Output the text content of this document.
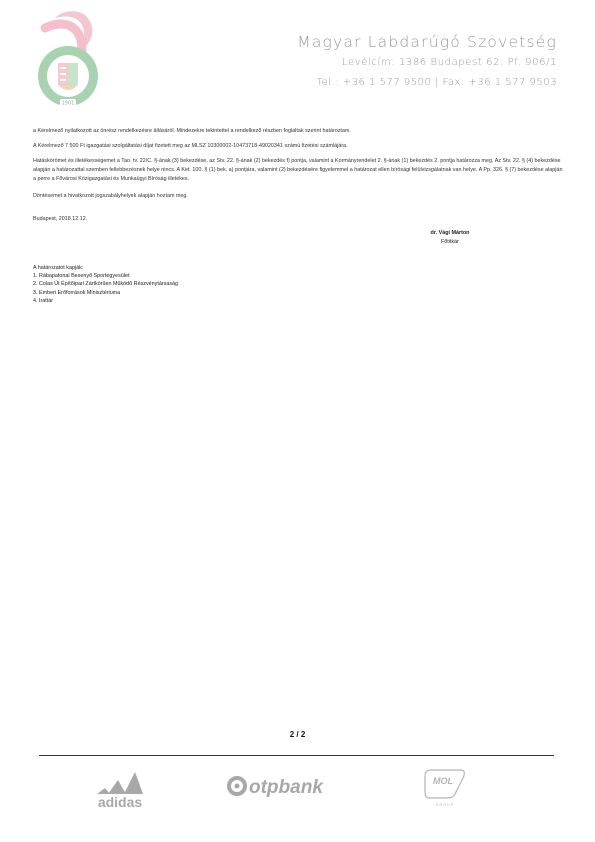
1901
Magyar Labdarúgó Szövetség
Levélcím: 1386 Budapest 62. Pf. 906/1
Tel.: +36 1 577 9500 | Fax: +36 1 577 9503

a Kérelmező nyilatkozott az önrész rendelkezésre állásáról. Mindezekre tekintettel a rendelkező részben foglaltak szerint határoztam.

A Kérelmező 7 500 Ft igazgatási szolgáltatási díjat fizetett meg az MLSZ 10300002-10473718-49020341 számú fizetési számlájára.

Hatáskörömet és illetékességemet a Tao. tv. 22/C. §-ának (3) bekezdése, az Stv. 22. §-ának (2) bekezdés f) pontja, valamint a Kormányrendelet 2. §-ának (1) bekezdés 2. pontja határozza meg. Az Stv. 22. § (4) bekezdése alapján a határozattal szemben fellebbezésnek helye nincs. A Ket. 100. § (1) bek. a) pontjára, valamint (2) bekezdésére figyelemmel a határozat ellen bírósági felülvizsgálatnak van helye. A Pp. 326. § (7) bekezdése alapján a perre a Fővárosi Közigazgatási és Munkaügyi Bíróság illetékes.

Döntésemet a hivatkozott jogszabályhelyek alapján hoztam meg.

Budapest, 2018.12.12.

dr. Vági Márton
Főtitkár
A határozatot kapják:
1. Rábapatonai Besenyő Sportegyesület
2. Colas Út Építőipari Zártkörűen Működő Részvénytársaság
3. Emberi Erőforrások Minisztériuma
4. Irattár
2 / 2
adidas
otpbank	MOL
GROUP
